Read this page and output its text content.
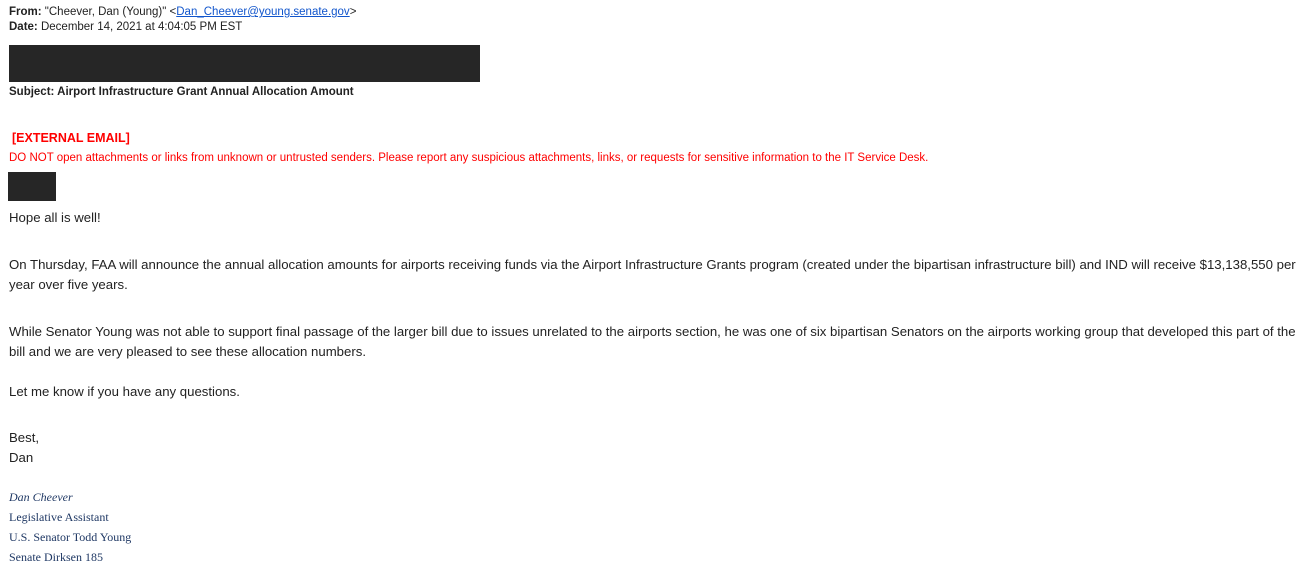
From: "Cheever, Dan (Young)" <Dan_Cheever@young.senate.gov>
Date: December 14, 2021 at 4:04:05 PM EST
Subject: Airport Infrastructure Grant Annual Allocation Amount
[EXTERNAL EMAIL]
DO NOT open attachments or links from unknown or untrusted senders. Please report any suspicious attachments, links, or requests for sensitive information to the IT Service Desk.
Hope all is well!
On Thursday, FAA will announce the annual allocation amounts for airports receiving funds via the Airport Infrastructure Grants program (created under the bipartisan infrastructure bill) and IND will receive $13,138,550 per year over five years.
While Senator Young was not able to support final passage of the larger bill due to issues unrelated to the airports section, he was one of six bipartisan Senators on the airports working group that developed this part of the bill and we are very pleased to see these allocation numbers.
Let me know if you have any questions.
Best,
Dan
Dan Cheever
Legislative Assistant
U.S. Senator Todd Young
Senate Dirksen 185
